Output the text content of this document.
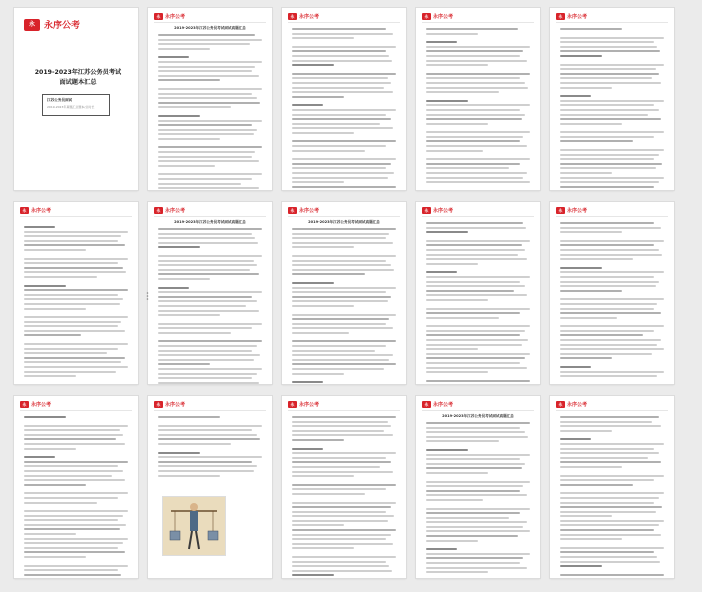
永	永序公考
2019-2023年江苏公务员考试
面试题本汇总
江苏公务员面试
2019-2023年真题汇总题本/总时长
永 永序公考
2019-2023年江苏公务员考试面试真题汇总
永 永序公考	永 永序公考	永 永序公考
永 永序公考	永 永序公考
2019-2023年江苏公务员考试面试真题汇总
永 永序公考
2019-2023年江苏公务员考试面试真题汇总
永 永序公考	永 永序公考
永 永序公考	永 永序公考	永 永序公考	永 永序公考
2019-2023年江苏公务员考试面试真题汇总
永 永序公考
